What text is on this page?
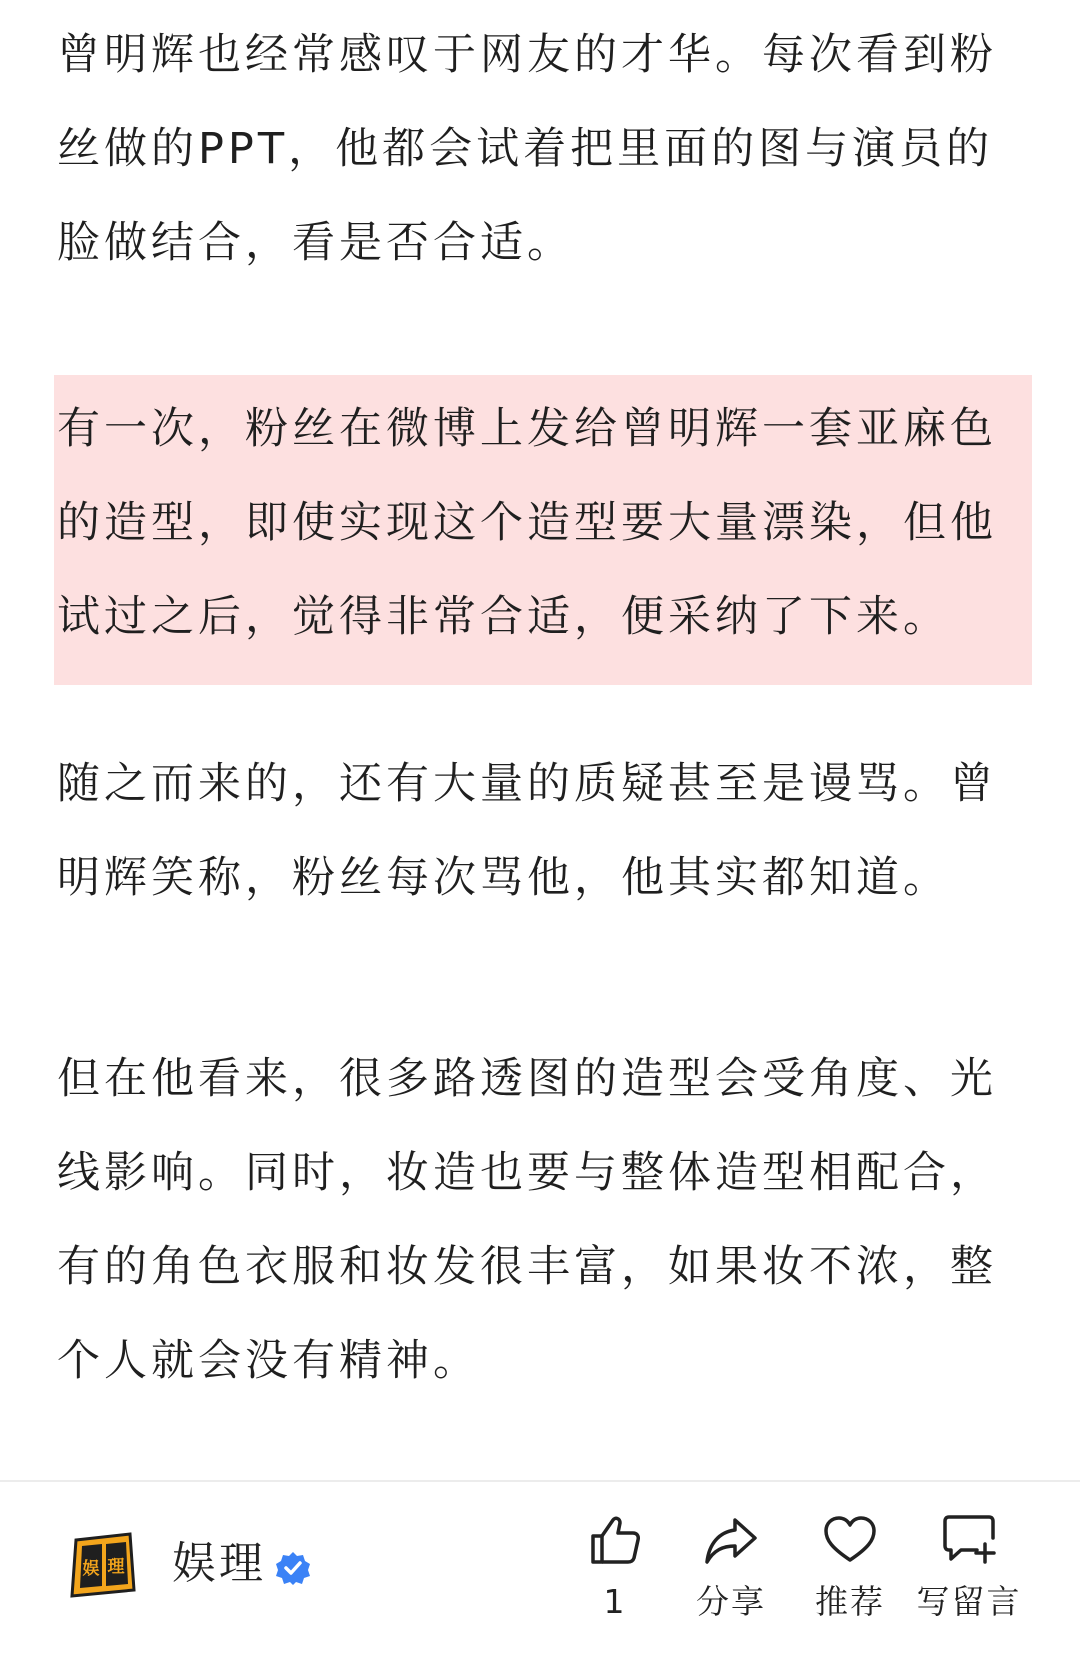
曾明辉也经常感叹于网友的才华。每次看到粉丝做的PPT，他都会试着把里面的图与演员的脸做结合，看是否合适。

有一次，粉丝在微博上发给曾明辉一套亚麻色的造型，即使实现这个造型要大量漂染，但他试过之后，觉得非常合适，便采纳了下来。

随之而来的，还有大量的质疑甚至是谩骂。曾明辉笑称，粉丝每次骂他，他其实都知道。

但在他看来，很多路透图的造型会受角度、光线影响。同时，妆造也要与整体造型相配合，有的角色衣服和妆发很丰富，如果妆不浓，整个人就会没有精神。

娱 理 娱理
1	分享	推荐 写留言
